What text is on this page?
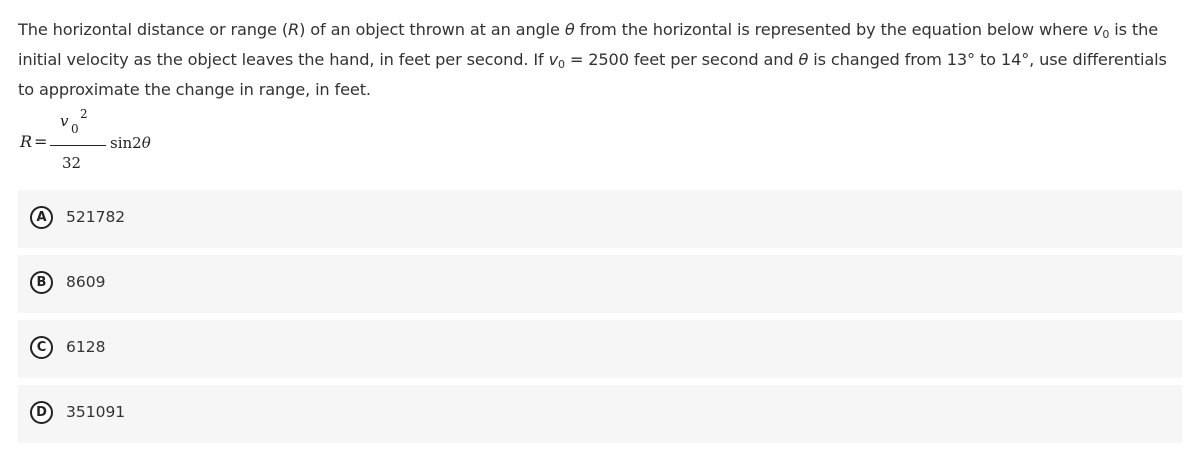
The horizontal distance or range (R) of an object thrown at an angle θ from the horizontal is represented by the equation below where $v_0$ is the initial velocity as the object leaves the hand, in feet per second. If $v_0 = 2500$ feet per second and θ is changed from 13° to 14°, use differentials to approximate the change in range, in feet.
R =
v 2
0
32
sin2θ
A	521782
B	8609
C	6128
D	351091
